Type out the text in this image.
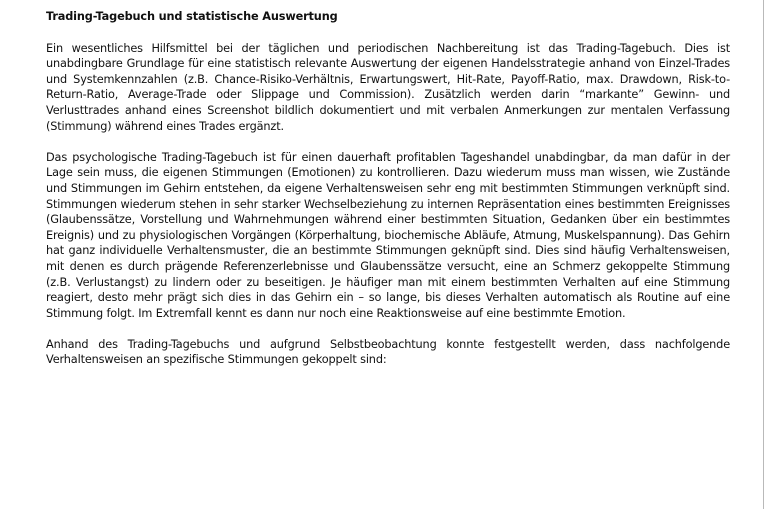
Trading-Tagebuch und statistische Auswertung

Ein wesentliches Hilfsmittel bei der täglichen und periodischen Nachbereitung ist das Trading-Tagebuch. Dies ist unabdingbare Grundlage für eine statistisch relevante Auswertung der eigenen Handelsstrategie anhand von Einzel-Trades und Systemkennzahlen (z.B. Chance-Risiko-Verhältnis, Erwartungswert, Hit-Rate, Payoff-Ratio, max. Drawdown, Risk-to-Return-Ratio, Average-Trade oder Slippage und Commission). Zusätzlich werden darin “markante” Gewinn- und Verlusttrades anhand eines Screenshot bildlich dokumentiert und mit verbalen Anmerkungen zur mentalen Verfassung (Stimmung) während eines Trades ergänzt.

Das psychologische Trading-Tagebuch ist für einen dauerhaft profitablen Tageshandel unabdingbar, da man dafür in der Lage sein muss, die eigenen Stimmungen (Emotionen) zu kontrollieren. Dazu wiederum muss man wissen, wie Zustände und Stimmungen im Gehirn entstehen, da eigene Verhaltensweisen sehr eng mit bestimmten Stimmungen verknüpft sind. Stimmungen wiederum stehen in sehr starker Wechselbeziehung zu internen Repräsentation eines bestimmten Ereignisses (Glaubenssätze, Vorstellung und Wahrnehmungen während einer bestimmten Situation, Gedanken über ein bestimmtes Ereignis) und zu physiologischen Vorgängen (Körperhaltung, biochemische Abläufe, Atmung, Muskelspannung). Das Gehirn hat ganz individuelle Verhaltensmuster, die an bestimmte Stimmungen geknüpft sind. Dies sind häufig Verhaltensweisen, mit denen es durch prägende Referenzerlebnisse und Glaubenssätze versucht, eine an Schmerz gekoppelte Stimmung (z.B. Verlustangst) zu lindern oder zu beseitigen. Je häufiger man mit einem bestimmten Verhalten auf eine Stimmung reagiert, desto mehr prägt sich dies in das Gehirn ein – so lange, bis dieses Verhalten automatisch als Routine auf eine Stimmung folgt. Im Extremfall kennt es dann nur noch eine Reaktionsweise auf eine bestimmte Emotion.

Anhand des Trading-Tagebuchs und aufgrund Selbstbeobachtung konnte festgestellt werden, dass nachfolgende Verhaltensweisen an spezifische Stimmungen gekoppelt sind:
